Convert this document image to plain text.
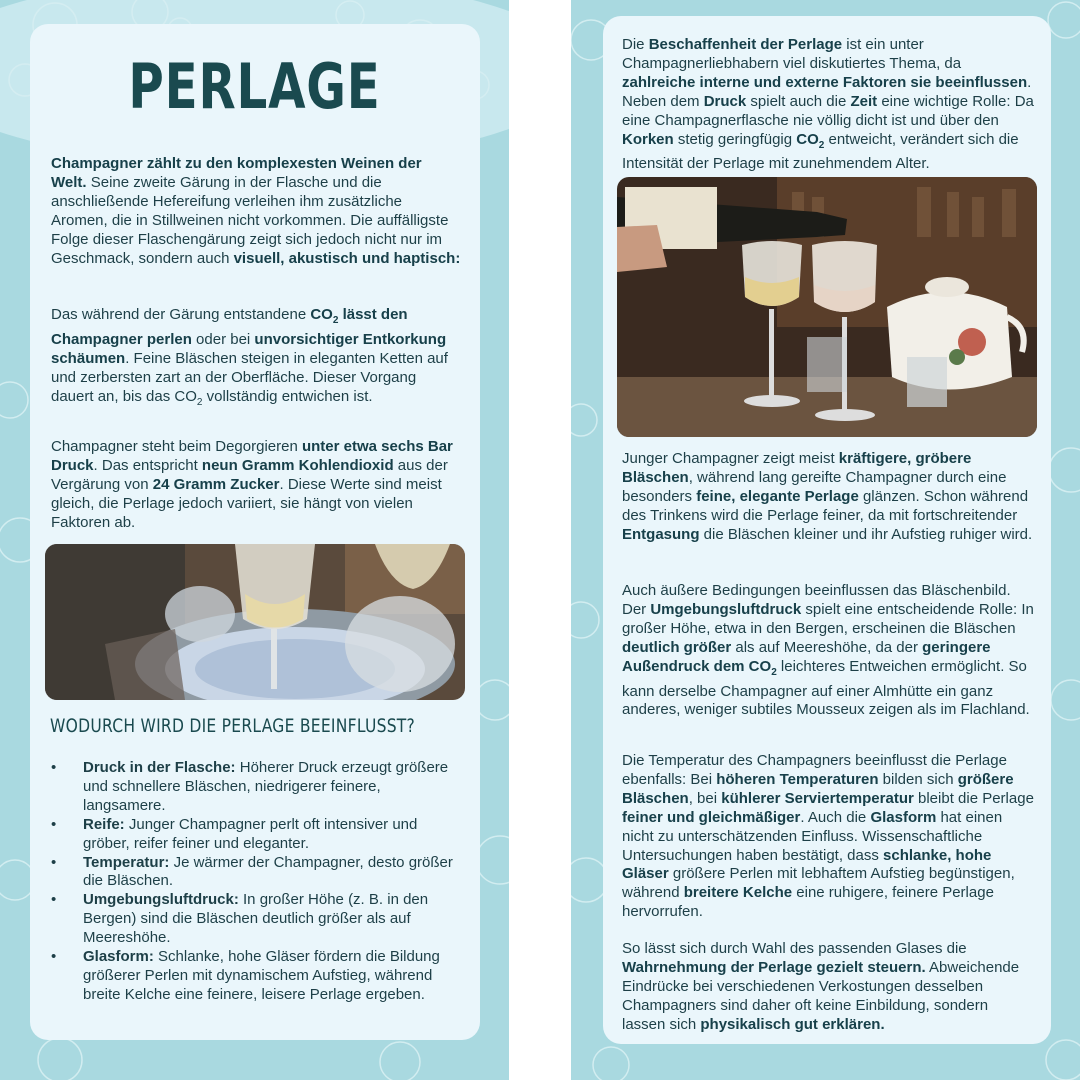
PERLAGE

Champagner zählt zu den komplexesten Weinen der Welt. Seine zweite Gärung in der Flasche und die anschließende Hefereifung verleihen ihm zusätzliche Aromen, die in Stillweinen nicht vorkommen. Die auffälligste Folge dieser Flaschengärung zeigt sich jedoch nicht nur im Geschmack, sondern auch visuell, akustisch und haptisch:

Das während der Gärung entstandene $CO_2$ lässt den Champagner perlen oder bei unvorsichtiger Entkorkung schäumen. Feine Bläschen steigen in eleganten Ketten auf und zerbersten zart an der Oberfläche. Dieser Vorgang dauert an, bis das $CO_2$ vollständig entwichen ist.

Champagner steht beim Degorgieren unter etwa sechs Bar Druck. Das entspricht neun Gramm Kohlendioxid aus der Vergärung von 24 Gramm Zucker. Diese Werte sind meist gleich, die Perlage jedoch variiert, sie hängt von vielen Faktoren ab.

WODURCH WIRD DIE PERLAGE BEEINFLUSST?
• Druck in der Flasche: Höherer Druck erzeugt größere und schnellere Bläschen, niedrigerer feinere, langsamere.
• Reife: Junger Champagner perlt oft intensiver und gröber, reifer feiner und eleganter.
• Temperatur: Je wärmer der Champagner, desto größer die Bläschen.
• Umgebungsluftdruck: In großer Höhe (z. B. in den Bergen) sind die Bläschen deutlich größer als auf Meereshöhe.
• Glasform: Schlanke, hohe Gläser fördern die Bildung größerer Perlen mit dynamischem Aufstieg, während breite Kelche eine feinere, leisere Perlage ergeben.

Die Beschaffenheit der Perlage ist ein unter Champagnerliebhabern viel diskutiertes Thema, da zahlreiche interne und externe Faktoren sie beeinflussen. Neben dem Druck spielt auch die Zeit eine wichtige Rolle: Da eine Champagnerflasche nie völlig dicht ist und über den Korken stetig geringfügig $CO_2$ entweicht, verändert sich die Intensität der Perlage mit zunehmendem Alter.

Junger Champagner zeigt meist kräftigere, gröbere Bläschen, während lang gereifte Champagner durch eine besonders feine, elegante Perlage glänzen. Schon während des Trinkens wird die Perlage feiner, da mit fortschreitender Entgasung die Bläschen kleiner und ihr Aufstieg ruhiger wird.

Auch äußere Bedingungen beeinflussen das Bläschenbild. Der Umgebungsluftdruck spielt eine entscheidende Rolle: In großer Höhe, etwa in den Bergen, erscheinen die Bläschen deutlich größer als auf Meereshöhe, da der geringere Außendruck dem $CO_2$ leichteres Entweichen ermöglicht. So kann derselbe Champagner auf einer Almhütte ein ganz anderes, weniger subtiles Mousseux zeigen als im Flachland.

Die Temperatur des Champagners beeinflusst die Perlage ebenfalls: Bei höheren Temperaturen bilden sich größere Bläschen, bei kühlerer Serviertemperatur bleibt die Perlage feiner und gleichmäßiger. Auch die Glasform hat einen nicht zu unterschätzenden Einfluss. Wissenschaftliche Untersuchungen haben bestätigt, dass schlanke, hohe Gläser größere Perlen mit lebhaftem Aufstieg begünstigen, während breitere Kelche eine ruhigere, feinere Perlage hervorrufen.

So lässt sich durch Wahl des passenden Glases die Wahrnehmung der Perlage gezielt steuern. Abweichende Eindrücke bei verschiedenen Verkostungen desselben Champagners sind daher oft keine Einbildung, sondern lassen sich physikalisch gut erklären.
